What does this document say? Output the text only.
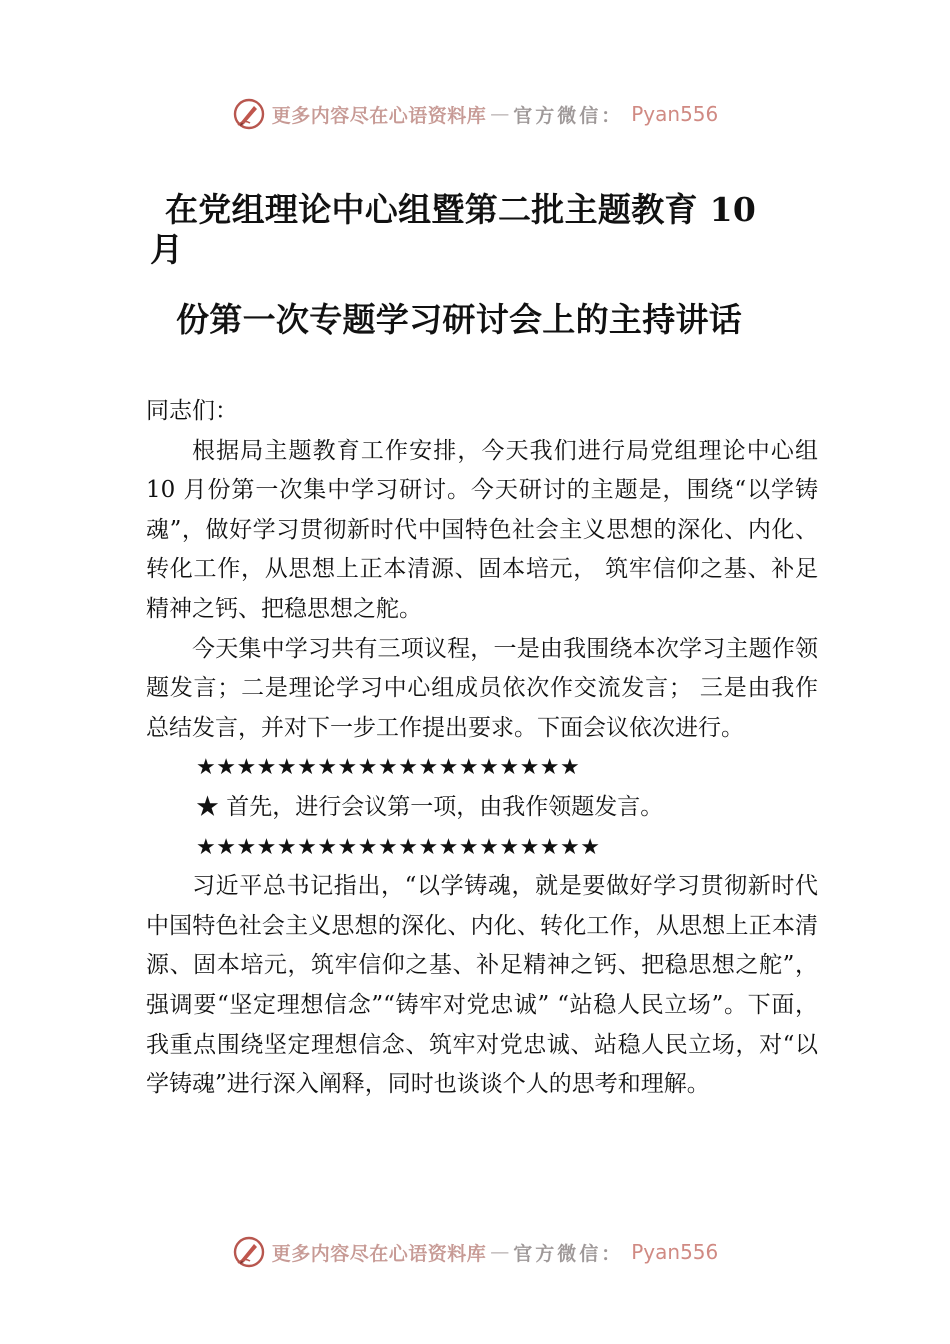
更多内容尽在心语资料库 — 官方微信： Pyan556
在党组理论中心组暨第二批主题教育 10
月
份第一次专题学习研讨会上的主持讲话

同志们：

根据局主题教育工作安排，今天我们进行局党组理论中心组 10 月份第一次集中学习研讨。今天研讨的主题是，围绕“以学铸魂”，做好学习贯彻新时代中国特色社会主义思想的深化、内化、转化工作，从思想上正本清源、固本培元， 筑牢信仰之基、补足精神之钙、把稳思想之舵。

今天集中学习共有三项议程，一是由我围绕本次学习主题作领题发言；二是理论学习中心组成员依次作交流发言； 三是由我作总结发言，并对下一步工作提出要求。下面会议依次进行。

★★★★★★★★★★★★★★★★★★★

★ 首先，进行会议第一项，由我作领题发言。

★★★★★★★★★★★★★★★★★★★★

习近平总书记指出，“以学铸魂，就是要做好学习贯彻新时代中国特色社会主义思想的深化、内化、转化工作，从思想上正本清源、固本培元，筑牢信仰之基、补足精神之钙、把稳思想之舵”，强调要“坚定理想信念”“铸牢对党忠诚” “站稳人民立场”。下面，我重点围绕坚定理想信念、筑牢对党忠诚、站稳人民立场，对“以学铸魂”进行深入阐释，同时也谈谈个人的思考和理解。

更多内容尽在心语资料库 — 官方微信： Pyan556
